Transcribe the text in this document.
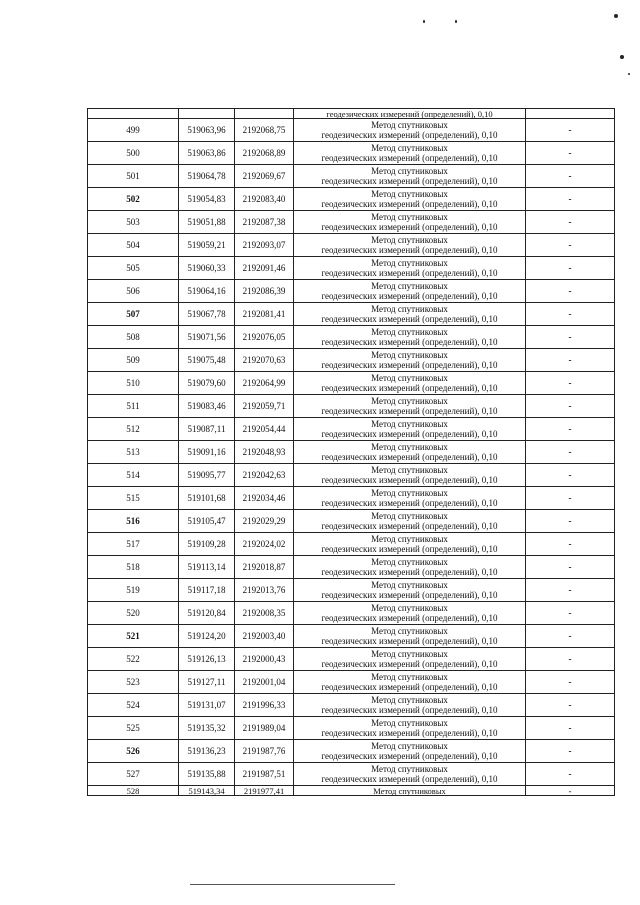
			геодезических измерений (определений), 0,10	
499	519063,96	2192068,75	Метод спутниковых
геодезических измерений (определений), 0,10	-
500	519063,86	2192068,89	Метод спутниковых
геодезических измерений (определений), 0,10	-
501	519064,78	2192069,67	Метод спутниковых
геодезических измерений (определений), 0,10	-
502	519054,83	2192083,40	Метод спутниковых
геодезических измерений (определений), 0,10	-
503	519051,88	2192087,38	Метод спутниковых
геодезических измерений (определений), 0,10	-
504	519059,21	2192093,07	Метод спутниковых
геодезических измерений (определений), 0,10	-
505	519060,33	2192091,46	Метод спутниковых
геодезических измерений (определений), 0,10	-
506	519064,16	2192086,39	Метод спутниковых
геодезических измерений (определений), 0,10	-
507	519067,78	2192081,41	Метод спутниковых
геодезических измерений (определений), 0,10	-
508	519071,56	2192076,05	Метод спутниковых
геодезических измерений (определений), 0,10	-
509	519075,48	2192070,63	Метод спутниковых
геодезических измерений (определений), 0,10	-
510	519079,60	2192064,99	Метод спутниковых
геодезических измерений (определений), 0,10	-
511	519083,46	2192059,71	Метод спутниковых
геодезических измерений (определений), 0,10	-
512	519087,11	2192054,44	Метод спутниковых
геодезических измерений (определений), 0,10	-
513	519091,16	2192048,93	Метод спутниковых
геодезических измерений (определений), 0,10	-
514	519095,77	2192042,63	Метод спутниковых
геодезических измерений (определений), 0,10	-
515	519101,68	2192034,46	Метод спутниковых
геодезических измерений (определений), 0,10	-
516	519105,47	2192029,29	Метод спутниковых
геодезических измерений (определений), 0,10	-
517	519109,28	2192024,02	Метод спутниковых
геодезических измерений (определений), 0,10	-
518	519113,14	2192018,87	Метод спутниковых
геодезических измерений (определений), 0,10	-
519	519117,18	2192013,76	Метод спутниковых
геодезических измерений (определений), 0,10	-
520	519120,84	2192008,35	Метод спутниковых
геодезических измерений (определений), 0,10	-
521	519124,20	2192003,40	Метод спутниковых
геодезических измерений (определений), 0,10	-
522	519126,13	2192000,43	Метод спутниковых
геодезических измерений (определений), 0,10	-
523	519127,11	2192001,04	Метод спутниковых
геодезических измерений (определений), 0,10	-
524	519131,07	2191996,33	Метод спутниковых
геодезических измерений (определений), 0,10	-
525	519135,32	2191989,04	Метод спутниковых
геодезических измерений (определений), 0,10	-
526	519136,23	2191987,76	Метод спутниковых
геодезических измерений (определений), 0,10	-
527	519135,88	2191987,51	Метод спутниковых
геодезических измерений (определений), 0,10	-
528	519143,34	2191977,41	Метод спутниковых	-
